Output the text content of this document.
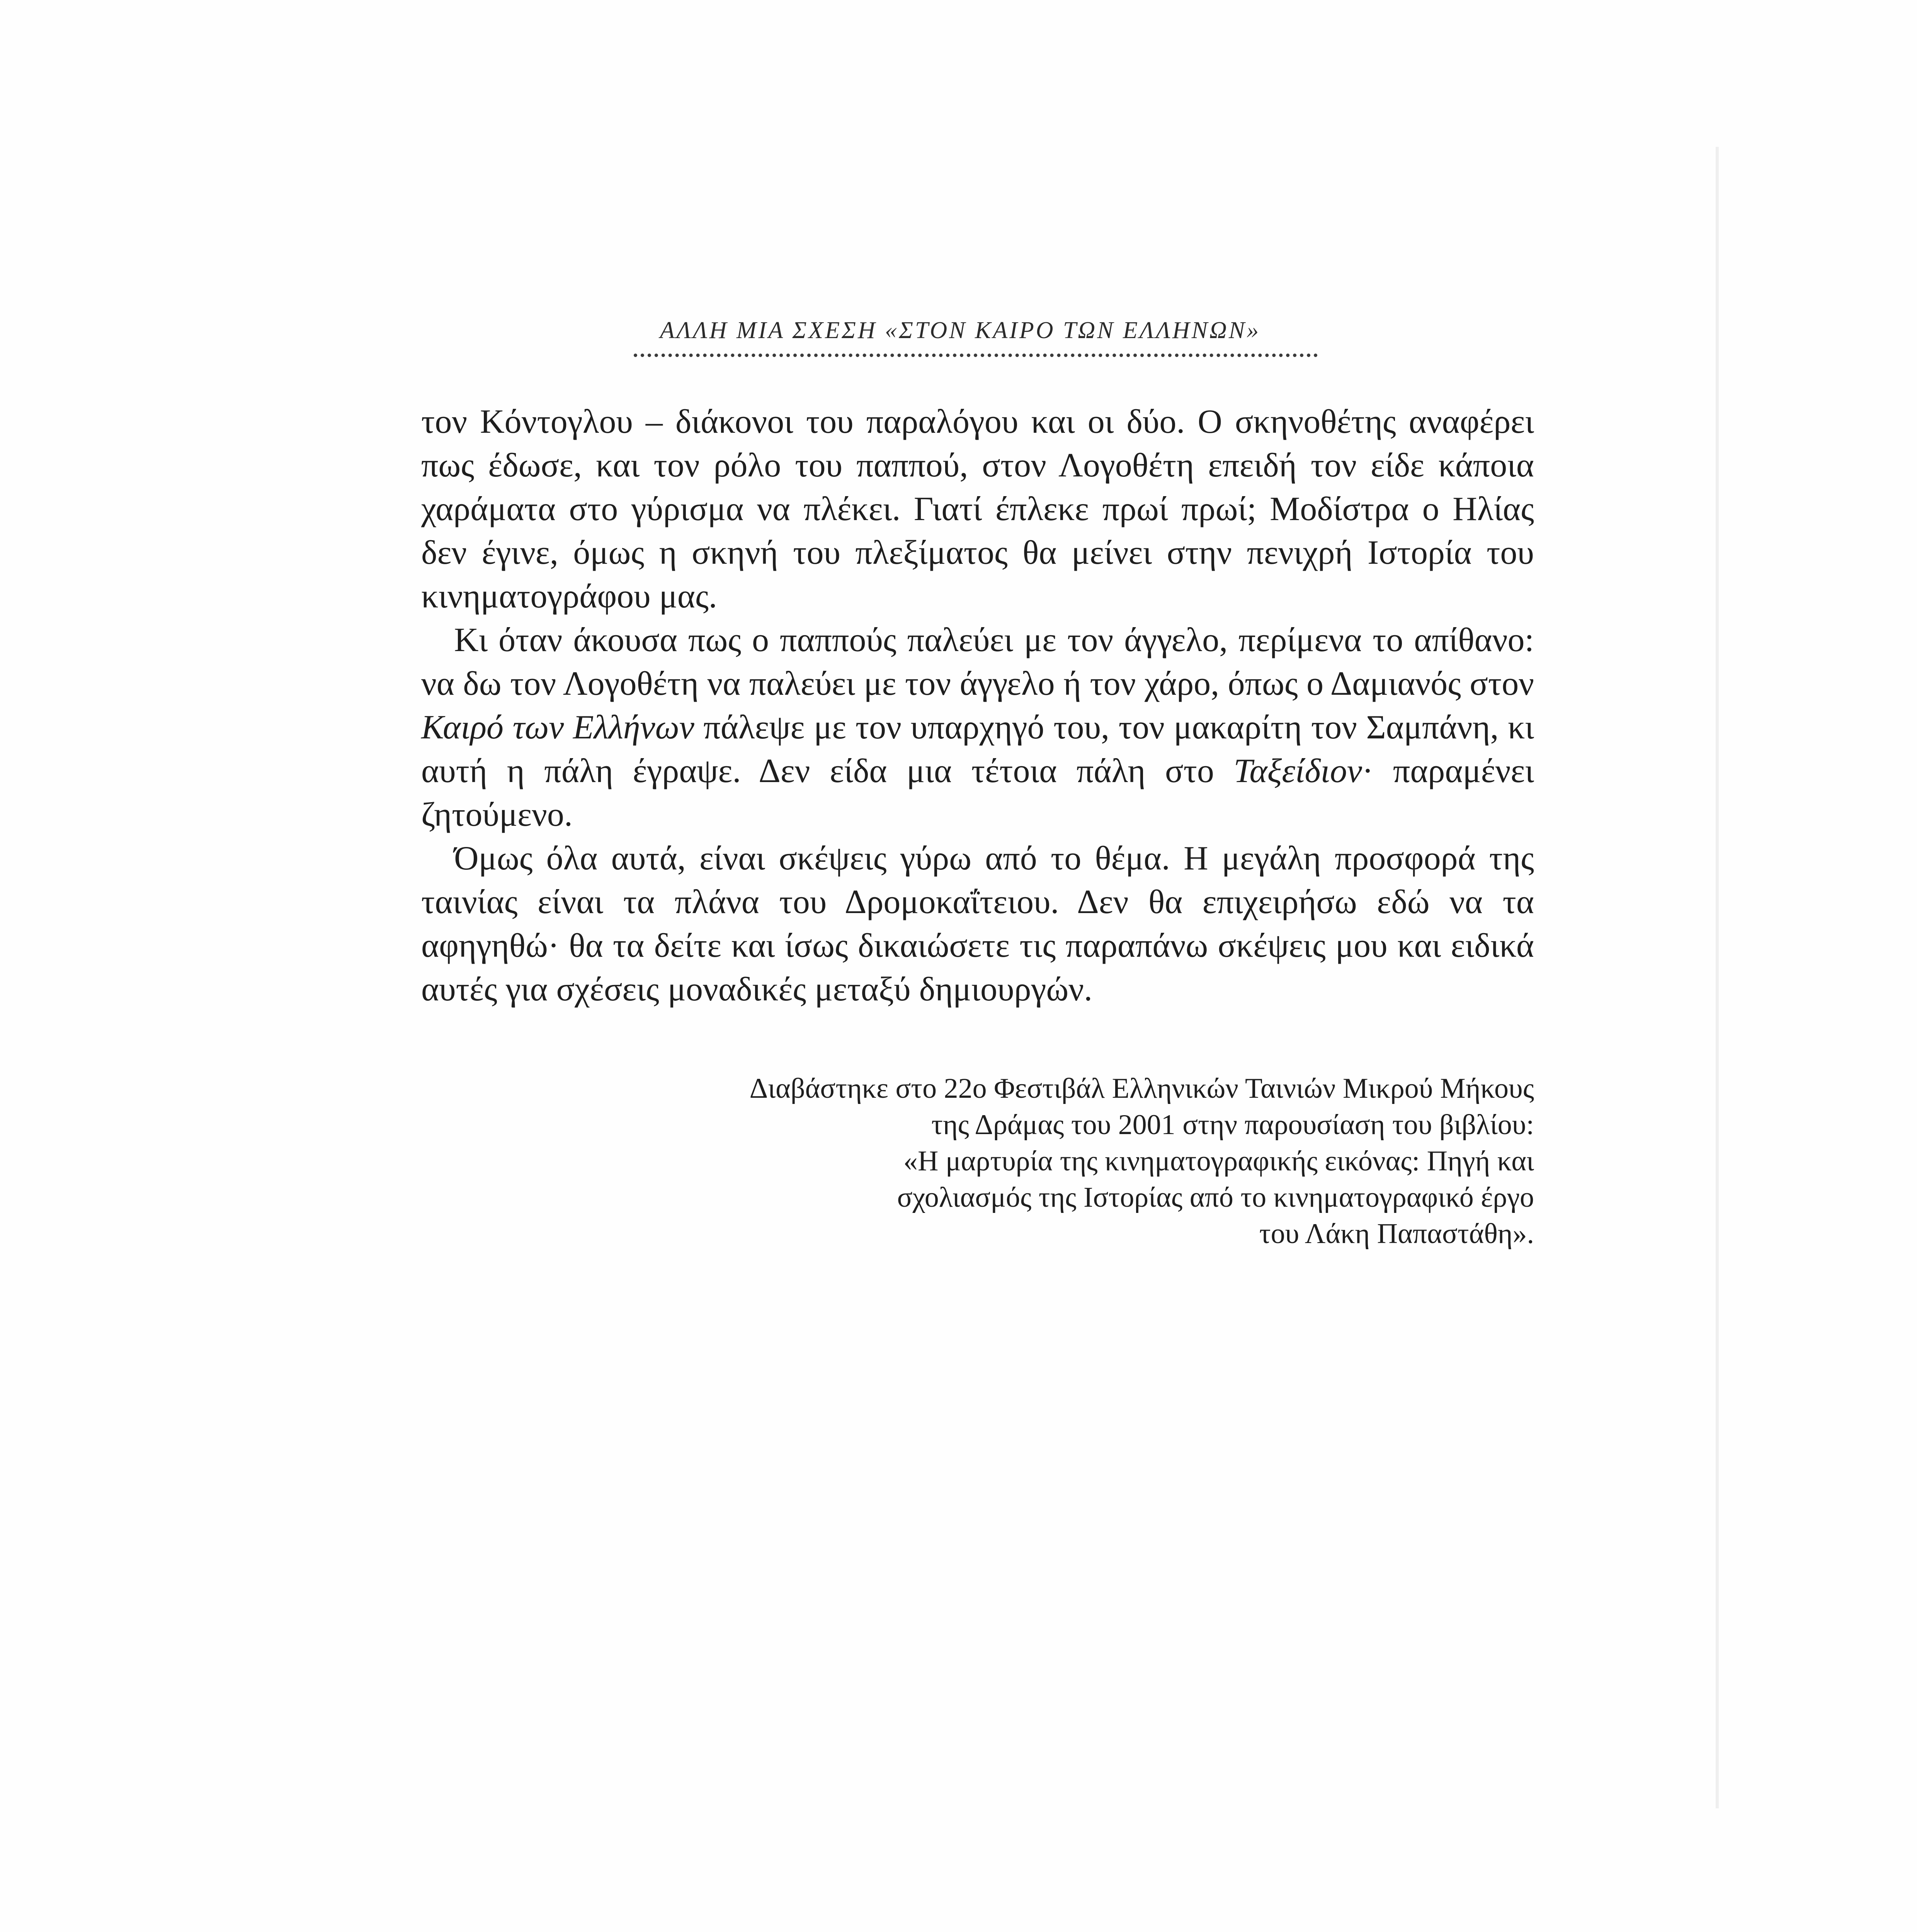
ΑΛΛΗ ΜΙΑ ΣΧΕΣΗ «ΣΤΟΝ ΚΑΙΡΟ ΤΩΝ ΕΛΛΗΝΩΝ»

τον Κόντογλου – διάκονοι του παραλόγου και οι δύο. Ο σκηνοθέτης αναφέρει πως έδωσε, και τον ρόλο του παππού, στον Λογοθέτη επειδή τον είδε κάποια χαράματα στο γύρισμα να πλέκει. Γιατί έπλεκε πρωί πρωί; Μοδίστρα ο Ηλίας δεν έγινε, όμως η σκηνή του πλεξίματος θα μείνει στην πενιχρή Ιστορία του κινηματογράφου μας.

Κι όταν άκουσα πως ο παππούς παλεύει με τον άγγελο, περίμενα το απίθανο: να δω τον Λογοθέτη να παλεύει με τον άγγελο ή τον χάρο, όπως ο Δαμιανός στον Καιρό των Ελλήνων πάλεψε με τον υπαρχηγό του, τον μακαρίτη τον Σαμπάνη, κι αυτή η πάλη έγραψε. Δεν είδα μια τέτοια πάλη στο Ταξείδιον· παραμένει ζητούμενο.

Όμως όλα αυτά, είναι σκέψεις γύρω από το θέμα. Η μεγάλη προσφορά της ταινίας είναι τα πλάνα του Δρομοκαΐτειου. Δεν θα επιχειρήσω εδώ να τα αφηγηθώ· θα τα δείτε και ίσως δικαιώσετε τις παραπάνω σκέψεις μου και ειδικά αυτές για σχέσεις μοναδικές μεταξύ δημιουργών.

Διαβάστηκε στο 22ο Φεστιβάλ Ελληνικών Ταινιών Μικρού Μήκους
της Δράμας του 2001 στην παρουσίαση του βιβλίου:
«Η μαρτυρία της κινηματογραφικής εικόνας: Πηγή και
σχολιασμός της Ιστορίας από το κινηματογραφικό έργο
του Λάκη Παπαστάθη».
